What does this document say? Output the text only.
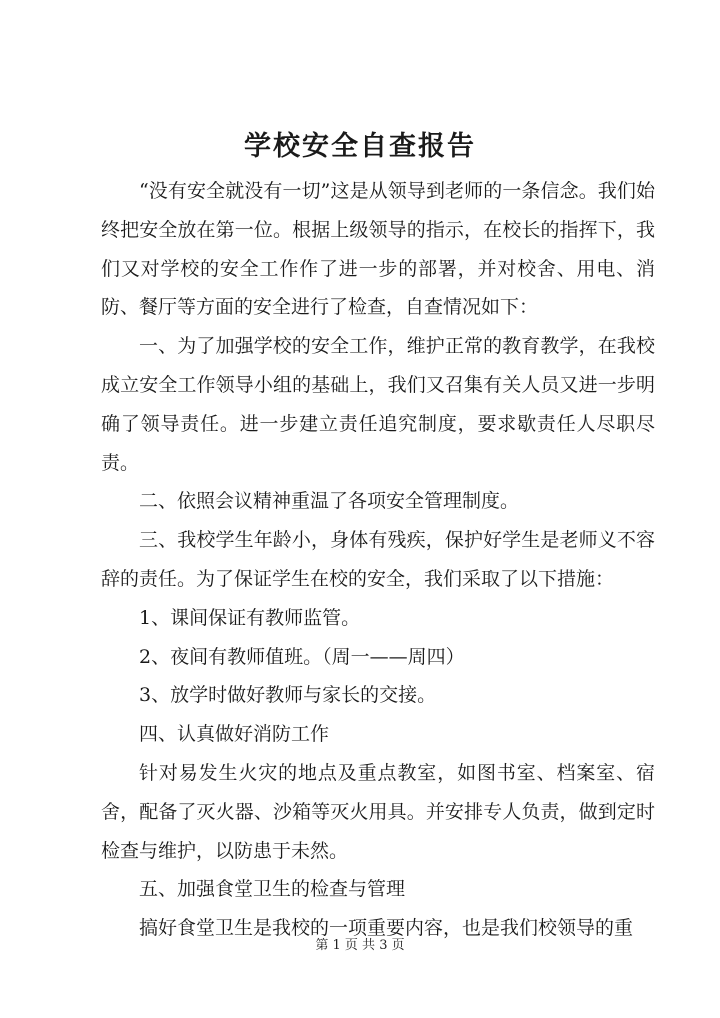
学校安全自查报告

“没有安全就没有一切”这是从领导到老师的一条信念。我们始终把安全放在第一位。根据上级领导的指示，在校长的指挥下，我们又对学校的安全工作作了进一步的部署，并对校舍、用电、消防、餐厅等方面的安全进行了检查，自查情况如下：

一、为了加强学校的安全工作，维护正常的教育教学，在我校成立安全工作领导小组的基础上，我们又召集有关人员又进一步明确了领导责任。进一步建立责任追究制度，要求歇责任人尽职尽责。

二、依照会议精神重温了各项安全管理制度。

三、我校学生年龄小，身体有残疾，保护好学生是老师义不容辞的责任。为了保证学生在校的安全，我们采取了以下措施：

1、课间保证有教师监管。

2、夜间有教师值班。（周一——周四）

3、放学时做好教师与家长的交接。

四、认真做好消防工作

针对易发生火灾的地点及重点教室，如图书室、档案室、宿舍，配备了灭火器、沙箱等灭火用具。并安排专人负责，做到定时检查与维护，以防患于未然。

五、加强食堂卫生的检查与管理

搞好食堂卫生是我校的一项重要内容，也是我们校领导的重

第 1 页 共 3 页
